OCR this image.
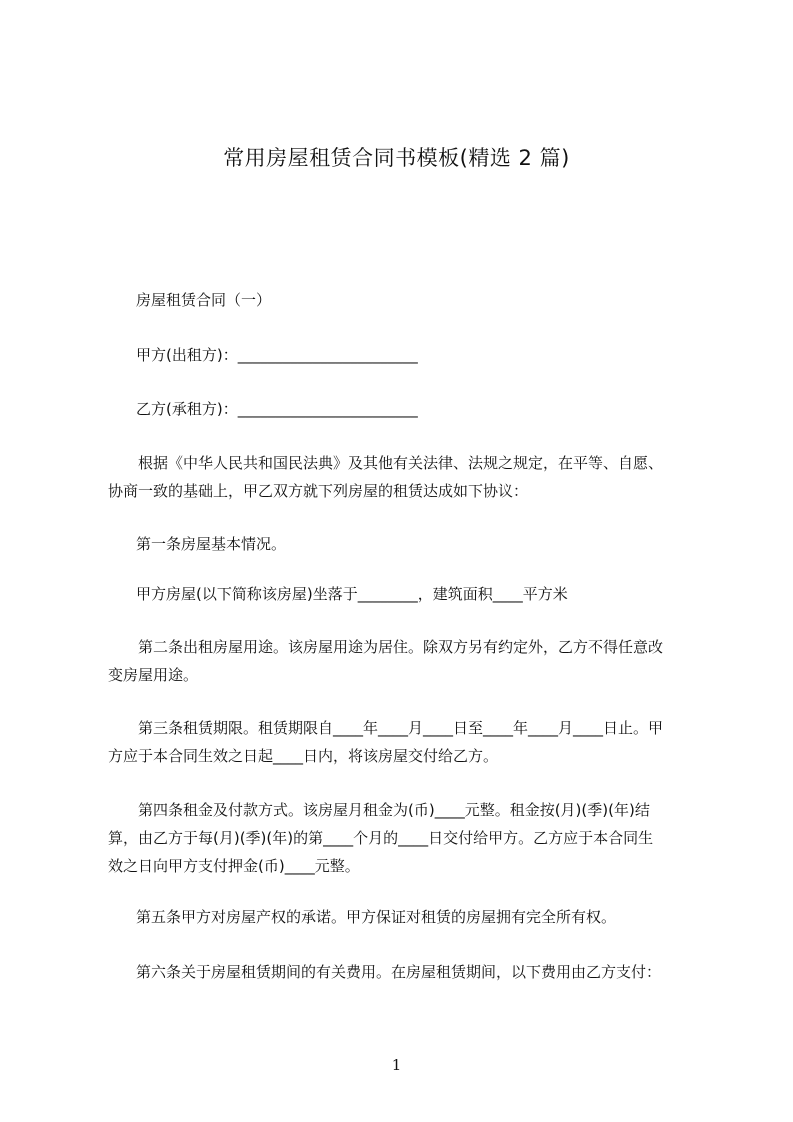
常用房屋租赁合同书模板(精选 2 篇)

房屋租赁合同（一）

甲方(出租方)：________________________

乙方(承租方)：________________________

根据《中华人民共和国民法典》及其他有关法律、法规之规定，在平等、自愿、

协商一致的基础上，甲乙双方就下列房屋的租赁达成如下协议：

第一条房屋基本情况。

甲方房屋(以下简称该房屋)坐落于________，建筑面积____平方米

第二条出租房屋用途。该房屋用途为居住。除双方另有约定外，乙方不得任意改

变房屋用途。

第三条租赁期限。租赁期限自____年____月____日至____年____月____日止。甲

方应于本合同生效之日起____日内，将该房屋交付给乙方。

第四条租金及付款方式。该房屋月租金为(币)____元整。租金按(月)(季)(年)结

算，由乙方于每(月)(季)(年)的第____个月的____日交付给甲方。乙方应于本合同生

效之日向甲方支付押金(币)____元整。

第五条甲方对房屋产权的承诺。甲方保证对租赁的房屋拥有完全所有权。

第六条关于房屋租赁期间的有关费用。在房屋租赁期间，以下费用由乙方支付：

1
